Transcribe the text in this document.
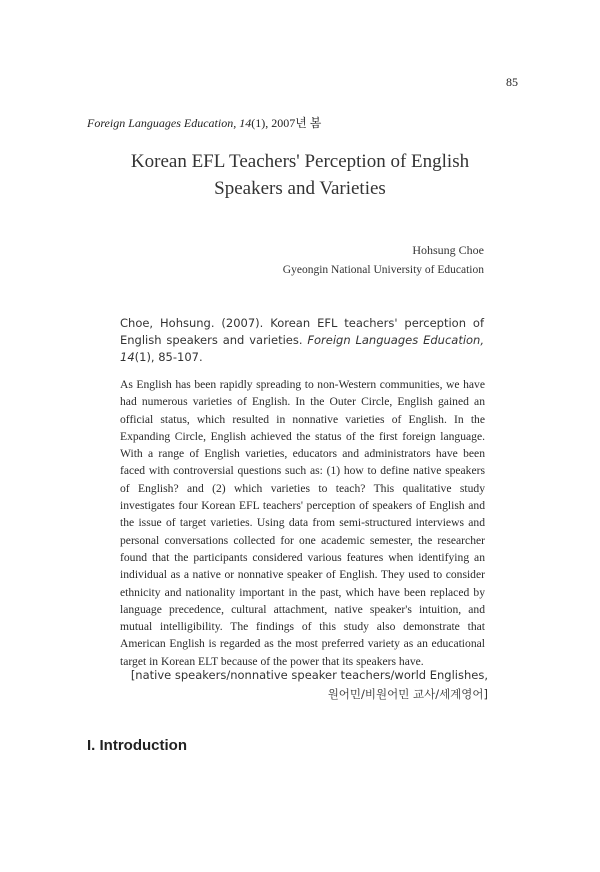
85
Foreign Languages Education, 14(1), 2007년 봄
Korean EFL Teachers' Perception of English
Speakers and Varieties
Hohsung Choe
Gyeongin National University of Education
Choe, Hohsung. (2007). Korean EFL teachers' perception of English speakers and varieties. Foreign Languages Education, 14(1), 85-107.
As English has been rapidly spreading to non-Western communities, we have had numerous varieties of English. In the Outer Circle, English gained an official status, which resulted in nonnative varieties of English. In the Expanding Circle, English achieved the status of the first foreign language. With a range of English varieties, educators and administrators have been faced with controversial questions such as: (1) how to define native speakers of English? and (2) which varieties to teach? This qualitative study investigates four Korean EFL teachers' perception of speakers of English and the issue of target varieties. Using data from semi-structured interviews and personal conversations collected for one academic semester, the researcher found that the participants considered various features when identifying an individual as a native or nonnative speaker of English. They used to consider ethnicity and nationality important in the past, which have been replaced by language precedence, cultural attachment, native speaker's intuition, and mutual intelligibility. The findings of this study also demonstrate that American English is regarded as the most preferred variety as an educational target in Korean ELT because of the power that its speakers have.
[native speakers/nonnative speaker teachers/world Englishes,
원어민/비원어민 교사/세계영어]
I. Introduction
